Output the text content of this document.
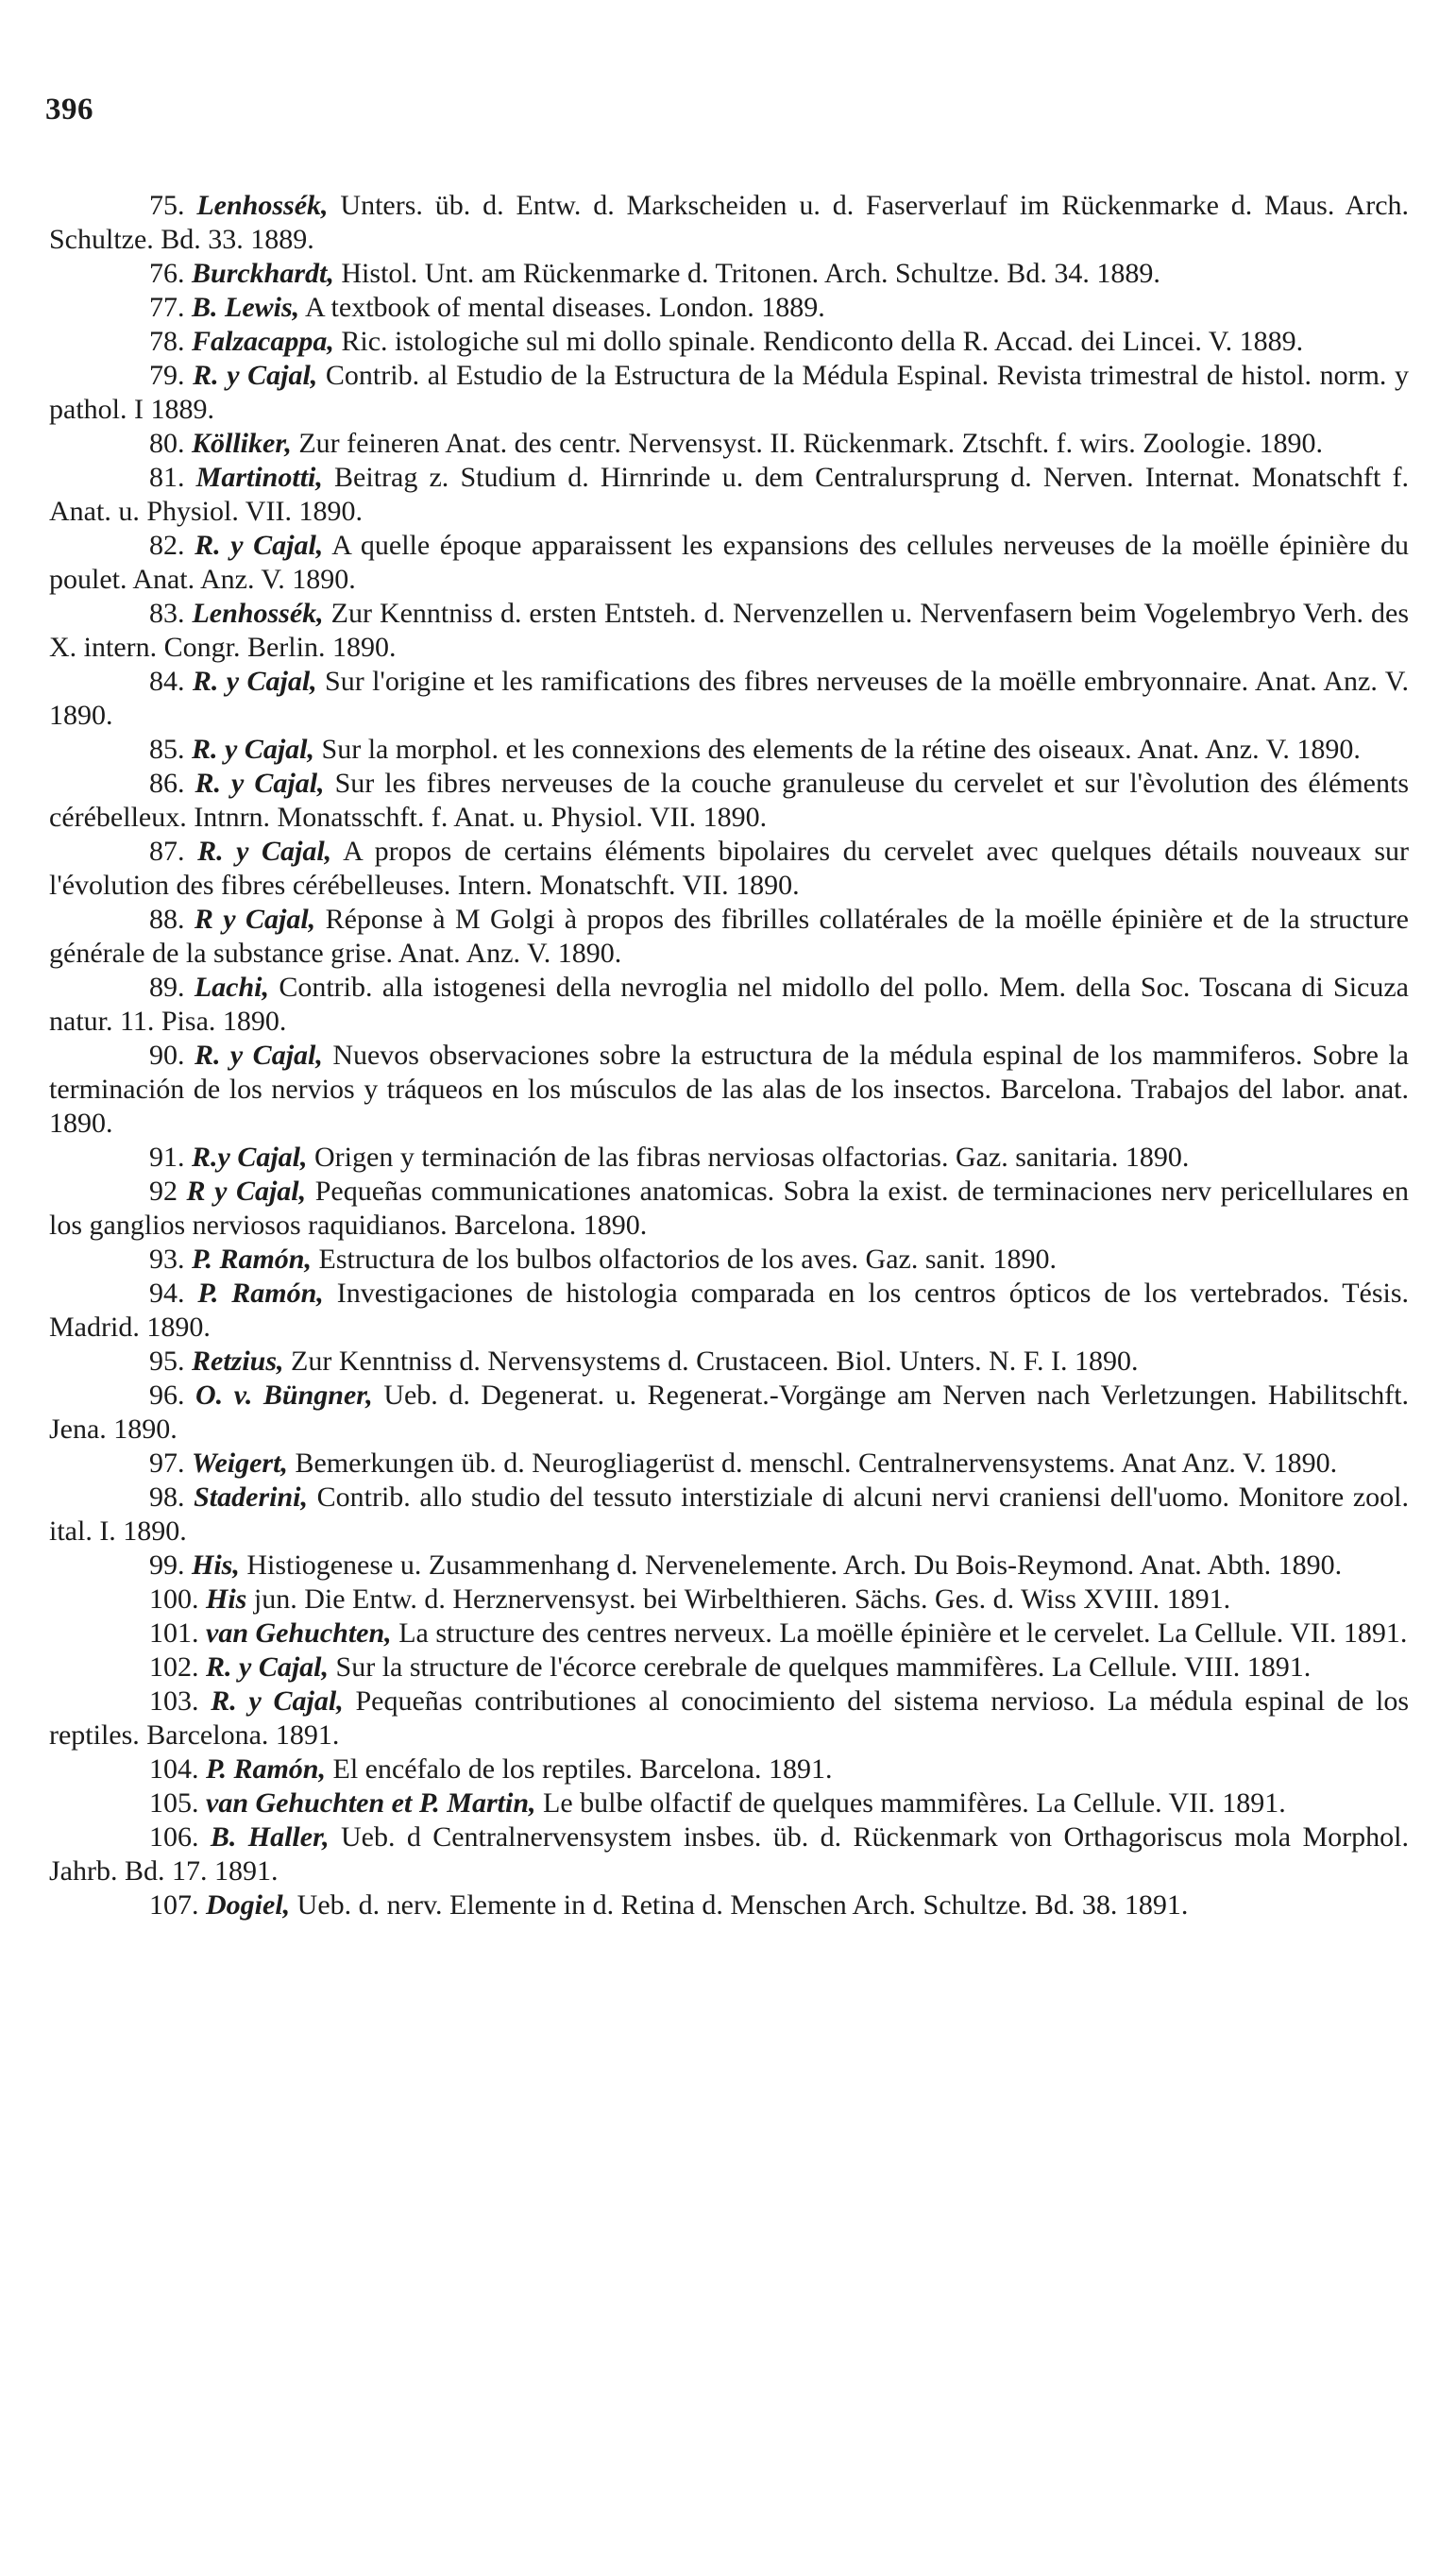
396
75. Lenhossék, Unters. üb. d. Entw. d. Markscheiden u. d. Faserverlauf im Rückenmarke d. Maus. Arch. Schultze. Bd. 33. 1889.
76. Burckhardt, Histol. Unt. am Rückenmarke d. Tritonen. Arch. Schultze. Bd. 34. 1889.
77. B. Lewis, A textbook of mental diseases. London. 1889.
78. Falzacappa, Ric. istologiche sul mi dollo spinale. Rendiconto della R. Accad. dei Lincei. V. 1889.
79. R. y Cajal, Contrib. al Estudio de la Estructura de la Médula Espinal. Revista trimestral de histol. norm. y pathol. I 1889.
80. Kölliker, Zur feineren Anat. des centr. Nervensyst. II. Rückenmark. Ztschft. f. wirs. Zoologie. 1890.
81. Martinotti, Beitrag z. Studium d. Hirnrinde u. dem Centralursprung d. Nerven. Internat. Monatschft f. Anat. u. Physiol. VII. 1890.
82. R. y Cajal, A quelle époque apparaissent les expansions des cellules nerveuses de la moëlle épinière du poulet. Anat. Anz. V. 1890.
83. Lenhossék, Zur Kenntniss d. ersten Entsteh. d. Nervenzellen u. Nervenfasern beim Vogelembryo Verh. des X. intern. Congr. Berlin. 1890.
84. R. y Cajal, Sur l'origine et les ramifications des fibres nerveuses de la moëlle embryonnaire. Anat. Anz. V. 1890.
85. R. y Cajal, Sur la morphol. et les connexions des elements de la rétine des oiseaux. Anat. Anz. V. 1890.
86. R. y Cajal, Sur les fibres nerveuses de la couche granuleuse du cervelet et sur l'èvolution des éléments cérébelleux. Intnrn. Monatsschft. f. Anat. u. Physiol. VII. 1890.
87. R. y Cajal, A propos de certains éléments bipolaires du cervelet avec quelques détails nouveaux sur l'évolution des fibres cérébelleuses. Intern. Monatschft. VII. 1890.
88. R y Cajal, Réponse à M Golgi à propos des fibrilles collatérales de la moëlle épinière et de la structure générale de la substance grise. Anat. Anz. V. 1890.
89. Lachi, Contrib. alla istogenesi della nevroglia nel midollo del pollo. Mem. della Soc. Toscana di Sicuza natur. 11. Pisa. 1890.
90. R. y Cajal, Nuevos observaciones sobre la estructura de la médula espinal de los mammiferos. Sobre la terminación de los nervios y tráqueos en los músculos de las alas de los insectos. Barcelona. Trabajos del labor. anat. 1890.
91. R.y Cajal, Origen y terminación de las fibras nerviosas olfactorias. Gaz. sanitaria. 1890.
92 R y Cajal, Pequeñas communicationes anatomicas. Sobra la exist. de terminaciones nerv pericellulares en los ganglios nerviosos raquidianos. Barcelona. 1890.
93. P. Ramón, Estructura de los bulbos olfactorios de los aves. Gaz. sanit. 1890.
94. P. Ramón, Investigaciones de histologia comparada en los centros ópticos de los vertebrados. Tésis. Madrid. 1890.
95. Retzius, Zur Kenntniss d. Nervensystems d. Crustaceen. Biol. Unters. N. F. I. 1890.
96. O. v. Büngner, Ueb. d. Degenerat. u. Regenerat.-Vorgänge am Nerven nach Verletzungen. Habilitschft. Jena. 1890.
97. Weigert, Bemerkungen üb. d. Neurogliagerüst d. menschl. Centralnervensystems. Anat Anz. V. 1890.
98. Staderini, Contrib. allo studio del tessuto interstiziale di alcuni nervi craniensi dell'uomo. Monitore zool. ital. I. 1890.
99. His, Histiogenese u. Zusammenhang d. Nervenelemente. Arch. Du Bois-Reymond. Anat. Abth. 1890.
100. His jun. Die Entw. d. Herznervensyst. bei Wirbelthieren. Sächs. Ges. d. Wiss XVIII. 1891.
101. van Gehuchten, La structure des centres nerveux. La moëlle épinière et le cervelet. La Cellule. VII. 1891.
102. R. y Cajal, Sur la structure de l'écorce cerebrale de quelques mammifères. La Cellule. VIII. 1891.
103. R. y Cajal, Pequeñas contributiones al conocimiento del sistema nervioso. La médula espinal de los reptiles. Barcelona. 1891.
104. P. Ramón, El encéfalo de los reptiles. Barcelona. 1891.
105. van Gehuchten et P. Martin, Le bulbe olfactif de quelques mammifères. La Cellule. VII. 1891.
106. B. Haller, Ueb. d Centralnervensystem insbes. üb. d. Rückenmark von Orthagoriscus mola Morphol. Jahrb. Bd. 17. 1891.
107. Dogiel, Ueb. d. nerv. Elemente in d. Retina d. Menschen Arch. Schultze. Bd. 38. 1891.
